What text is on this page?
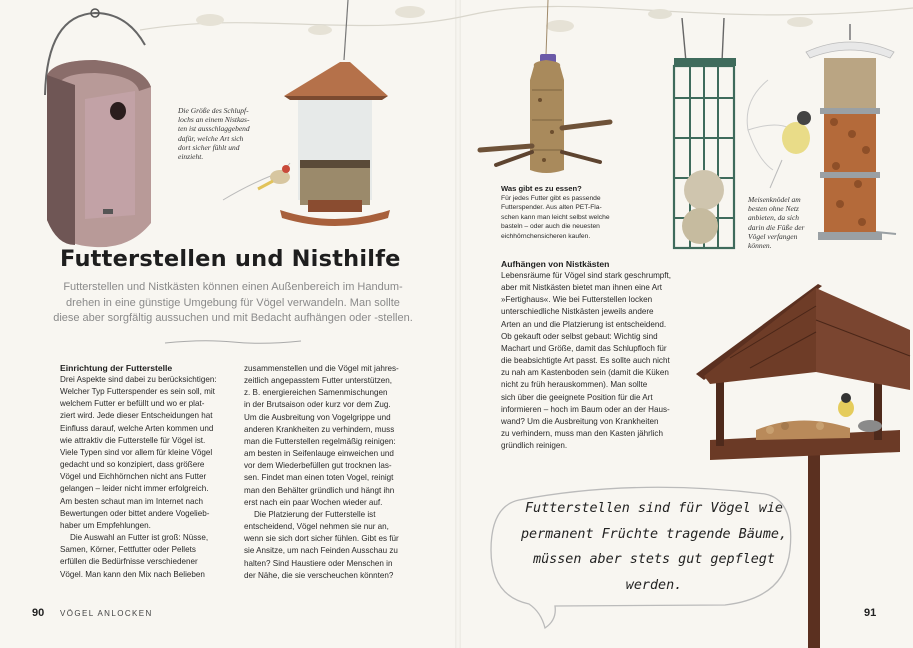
Die Größe des Schlupf-
lochs an einem Nistkas-
ten ist ausschlaggebend
dafür, welche Art sich
dort sicher fühlt und
einzieht.
Futterstellen und Nisthilfe
Futterstellen und Nistkästen können einen Außenbereich im Handum-
drehen in eine günstige Umgebung für Vögel verwandeln. Man sollte
diese aber sorgfältig aussuchen und mit Bedacht aufhängen oder -stellen.
Einrichtung der Futterstelle
Drei Aspekte sind dabei zu berücksichtigen:
Welcher Typ Futterspender es sein soll, mit
welchem Futter er befüllt und wo er plat-
ziert wird. Jede dieser Entscheidungen hat
Einfluss darauf, welche Arten kommen und
wie attraktiv die Futterstelle für Vögel ist.
Viele Typen sind vor allem für kleine Vögel
gedacht und so konzipiert, dass größere
Vögel und Eichhörnchen nicht ans Futter
gelangen – leider nicht immer erfolgreich.
Am besten schaut man im Internet nach
Bewertungen oder bittet andere Vogelieb-
haber um Empfehlungen.
Die Auswahl an Futter ist groß: Nüsse,
Samen, Körner, Fettfutter oder Pellets
erfüllen die Bedürfnisse verschiedener
Vögel. Man kann den Mix nach Belieben
zusammenstellen und die Vögel mit jahres-
zeitlich angepasstem Futter unterstützen,
z. B. energiereichen Samenmischungen
in der Brutsaison oder kurz vor dem Zug.
Um die Ausbreitung von Vogelgrippe und
anderen Krankheiten zu verhindern, muss
man die Futterstellen regelmäßig reinigen:
am besten in Seifenlauge einweichen und
vor dem Wiederbefüllen gut trocknen las-
sen. Findet man einen toten Vogel, reinigt
man den Behälter gründlich und hängt ihn
erst nach ein paar Wochen wieder auf.
Die Platzierung der Futterstelle ist
entscheidend, Vögel nehmen sie nur an,
wenn sie sich dort sicher fühlen. Gibt es für
sie Ansitze, um nach Feinden Ausschau zu
halten? Sind Haustiere oder Menschen in
der Nähe, die sie verscheuchen könnten?
90 VÖGEL ANLOCKEN
Meisenknödel am
besten ohne Netz
anbieten, da sich
darin die Füße der
Vögel verfangen
können.
Was gibt es zu essen?
Für jedes Futter gibt es passende
Futterspender. Aus alten PET-Fla-
schen kann man leicht selbst welche
basteln – oder auch die neuesten
eichhörnchensicheren kaufen.
Aufhängen von Nistkästen
Lebensräume für Vögel sind stark geschrumpft,
aber mit Nistkästen bietet man ihnen eine Art
»Fertighaus«. Wie bei Futterstellen locken
unterschiedliche Nistkästen jeweils andere
Arten an und die Platzierung ist entscheidend.
Ob gekauft oder selbst gebaut: Wichtig sind
Machart und Größe, damit das Schlupfloch für
die beabsichtigte Art passt. Es sollte auch nicht
zu nah am Kastenboden sein (damit die Küken
nicht zu früh herauskommen). Man sollte
sich über die geeignete Position für die Art
informieren – hoch im Baum oder an der Haus-
wand? Um die Ausbreitung von Krankheiten
zu verhindern, muss man den Kasten jährlich
gründlich reinigen.
Futterstellen sind für Vögel wie
permanent Früchte tragende Bäume,
müssen aber stets gut gepflegt
werden.
91
